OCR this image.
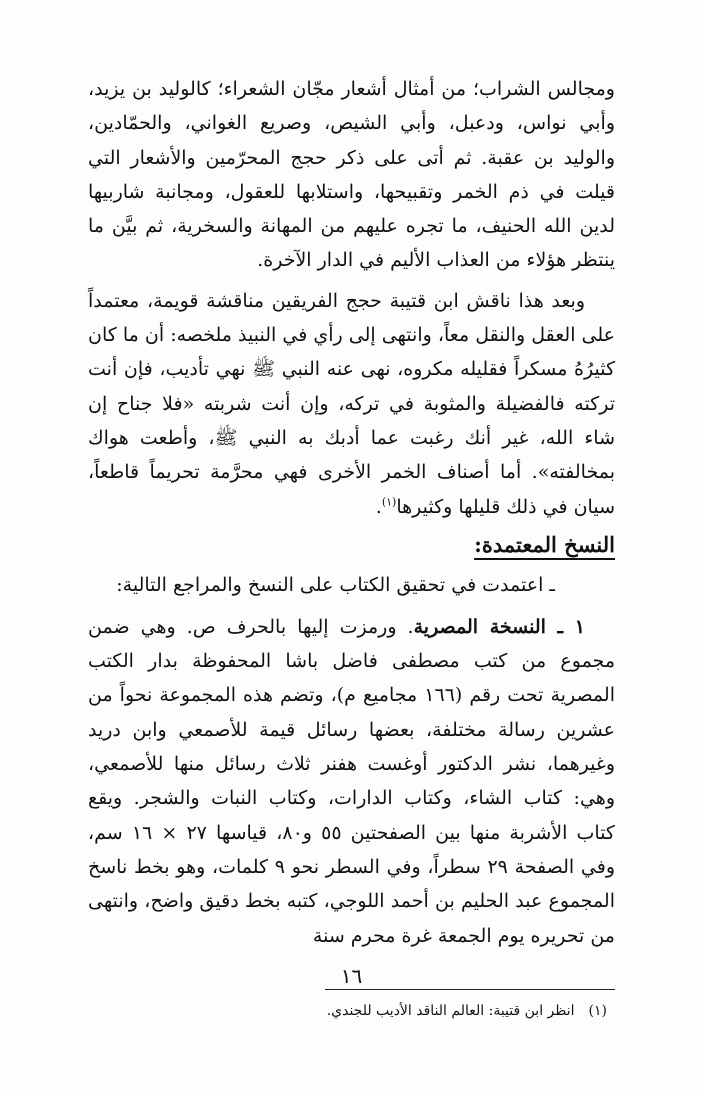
ومجالس الشراب؛ من أمثال أشعار مجّان الشعراء؛ كالوليد بن يزيد، وأبي نواس، ودعبل، وأبي الشيص، وصريع الغواني، والحمّادين، والوليد بن عقبة. ثم أتى على ذكر حجج المحرّمين والأشعار التي قيلت في ذم الخمر وتقبيحها، واستلابها للعقول، ومجانبة شاربيها لدين الله الحنيف، ما تجره عليهم من المهانة والسخرية، ثم بيَّن ما ينتظر هؤلاء من العذاب الأليم في الدار الآخرة.

وبعد هذا ناقش ابن قتيبة حجج الفريقين مناقشة قويمة، معتمداً على العقل والنقل معاً، وانتهى إلى رأي في النبيذ ملخصه: أن ما كان كثيرُهُ مسكراً فقليله مكروه، نهى عنه النبي ﷺ نهي تأديب، فإن أنت تركته فالفضيلة والمثوبة في تركه، وإن أنت شربته «فلا جناح إن شاء الله، غير أنك رغبت عما أدبك به النبي ﷺ، وأطعت هواك بمخالفته». أما أصناف الخمر الأخرى فهي محرَّمة تحريماً قاطعاً، سيان في ذلك قليلها وكثيرها$^{(١)}$.

النسخ المعتمدة:

ـ اعتمدت في تحقيق الكتاب على النسخ والمراجع التالية:

١ ـ النسخة المصرية. ورمزت إليها بالحرف ص. وهي ضمن مجموع من كتب مصطفى فاضل باشا المحفوظة بدار الكتب المصرية تحت رقم (١٦٦ مجاميع م)، وتضم هذه المجموعة نحواً من عشرين رسالة مختلفة، بعضها رسائل قيمة للأصمعي وابن دريد وغيرهما، نشر الدكتور أوغست هفنر ثلاث رسائل منها للأصمعي، وهي: كتاب الشاء، وكتاب الدارات، وكتاب النبات والشجر. ويقع كتاب الأشربة منها بين الصفحتين ٥٥ و٨٠، قياسها ٢٧ × ١٦ سم، وفي الصفحة ٢٩ سطراً، وفي السطر نحو ٩ كلمات، وهو بخط ناسخ المجموع عبد الحليم بن أحمد اللوجي، كتبه بخط دقيق واضح، وانتهى من تحريره يوم الجمعة غرة محرم سنة

(١)انظر ابن قتيبة: العالم الناقد الأديب للجندي.

١٦
